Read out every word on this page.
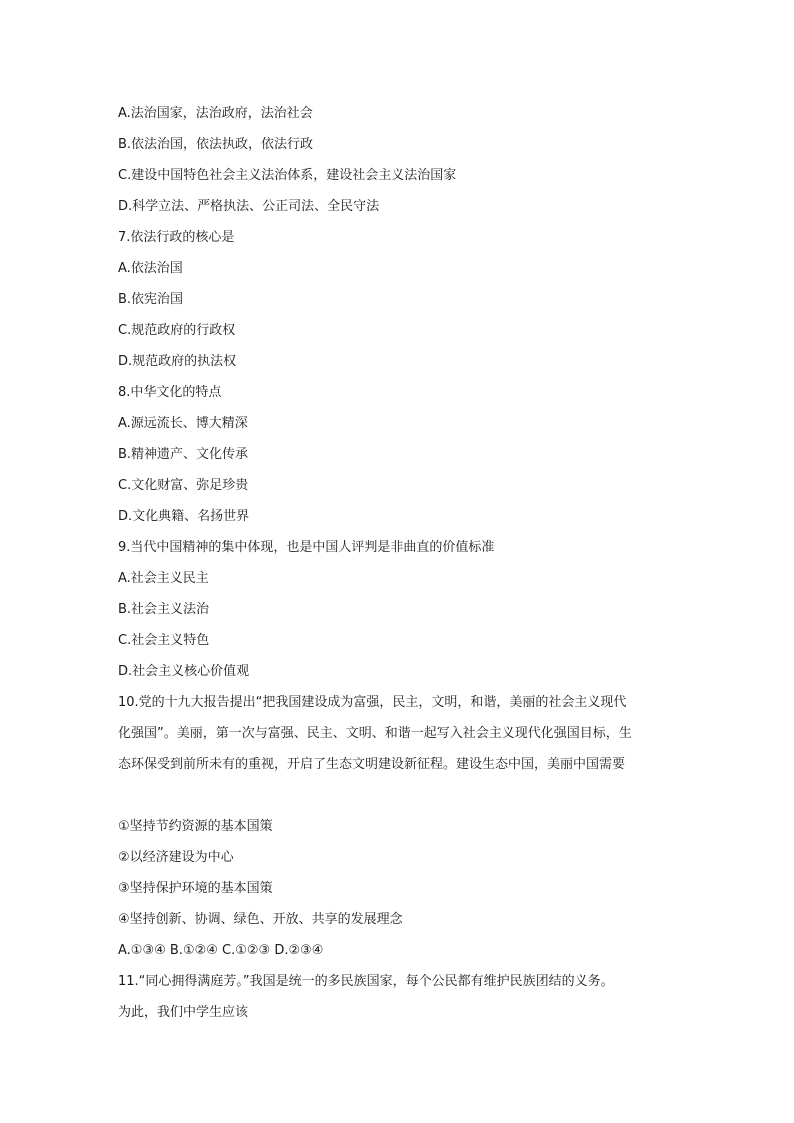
A.法治国家，法治政府，法治社会
B.依法治国，依法执政，依法行政
C.建设中国特色社会主义法治体系，建设社会主义法治国家
D.科学立法、严格执法、公正司法、全民守法
7.依法行政的核心是
A.依法治国
B.依宪治国
C.规范政府的行政权
D.规范政府的执法权
8.中华文化的特点
A.源远流长、博大精深
B.精神遗产、文化传承
C.文化财富、弥足珍贵
D.文化典籍、名扬世界
9.当代中国精神的集中体现，也是中国人评判是非曲直的价值标准
A.社会主义民主
B.社会主义法治
C.社会主义特色
D.社会主义核心价值观
10.党的十九大报告提出“把我国建设成为富强，民主，文明，和谐，美丽的社会主义现代
化强国”。美丽，第一次与富强、民主、文明、和谐一起写入社会主义现代化强国目标，生
态环保受到前所未有的重视，开启了生态文明建设新征程。建设生态中国，美丽中国需要
①坚持节约资源的基本国策
②以经济建设为中心
③坚持保护环境的基本国策
④坚持创新、协调、绿色、开放、共享的发展理念
A.①③④ B.①②④ C.①②③ D.②③④
11.“同心拥得满庭芳。”我国是统一的多民族国家，每个公民都有维护民族团结的义务。
为此，我们中学生应该
